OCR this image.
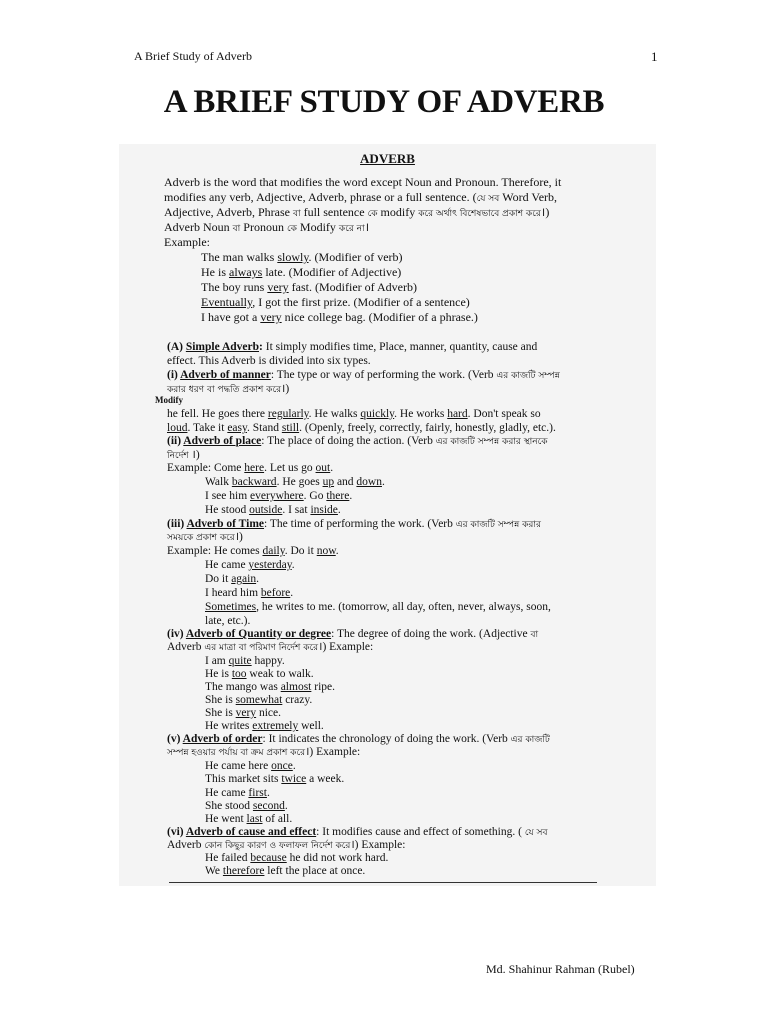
A Brief Study of Adverb	1
A BRIEF STUDY OF ADVERB
ADVERB
Adverb is the word that modifies the word except Noun and Pronoun. Therefore, it
modifies any verb, Adjective, Adverb, phrase or a full sentence. (যে সব Word Verb,
Adjective, Adverb, Phrase বা full sentence কে modify করে অর্থাৎ বিশেষভাবে প্রকাশ করে।)
Adverb Noun বা Pronoun কে Modify করে না।
Example:
The man walks slowly. (Modifier of verb)
He is always late. (Modifier of Adjective)
The boy runs very fast. (Modifier of Adverb)
Eventually, I got the first prize. (Modifier of a sentence)
I have got a very nice college bag. (Modifier of a phrase.)
(A) Simple Adverb: It simply modifies time, Place, manner, quantity, cause and
effect. This Adverb is divided into six types.
(i) Adverb of manner: The type or way of performing the work. (Verb এর কাজটি সম্পন্ন
করার ধরণ বা পদ্ধতি প্রকাশ করে।)
Modify
he fell. He goes there regularly. He walks quickly. He works hard. Don't speak so
loud. Take it easy. Stand still. (Openly, freely, correctly, fairly, honestly, gladly, etc.).
(ii) Adverb of place: The place of doing the action. (Verb এর কাজটি সম্পন্ন করার স্থানকে
নির্দেশ ।)
Example: Come here. Let us go out.
Walk backward. He goes up and down.
I see him everywhere. Go there.
He stood outside. I sat inside.
(iii) Adverb of Time: The time of performing the work. (Verb এর কাজটি সম্পন্ন করার
সময়কে প্রকাশ করে।)
Example: He comes daily. Do it now.
He came yesterday.
Do it again.
I heard him before.
Sometimes, he writes to me. (tomorrow, all day, often, never, always, soon,
late, etc.).
(iv) Adverb of Quantity or degree: The degree of doing the work. (Adjective বা
Adverb এর মাত্রা বা পরিমাণ নির্দেশ করে।) Example:
I am quite happy.
He is too weak to walk.
The mango was almost ripe.
She is somewhat crazy.
She is very nice.
He writes extremely well.
(v) Adverb of order: It indicates the chronology of doing the work. (Verb এর কাজটি
সম্পন্ন হওয়ার পর্যায় বা ক্রম প্রকাশ করে।) Example:
He came here once.
This market sits twice a week.
He came first.
She stood second.
He went last of all.
(vi) Adverb of cause and effect: It modifies cause and effect of something. ( যে সব
Adverb কোন কিছুর কারণ ও ফলাফল নির্দেশ করে।) Example:
He failed because he did not work hard.
We therefore left the place at once.
Md. Shahinur Rahman (Rubel)
